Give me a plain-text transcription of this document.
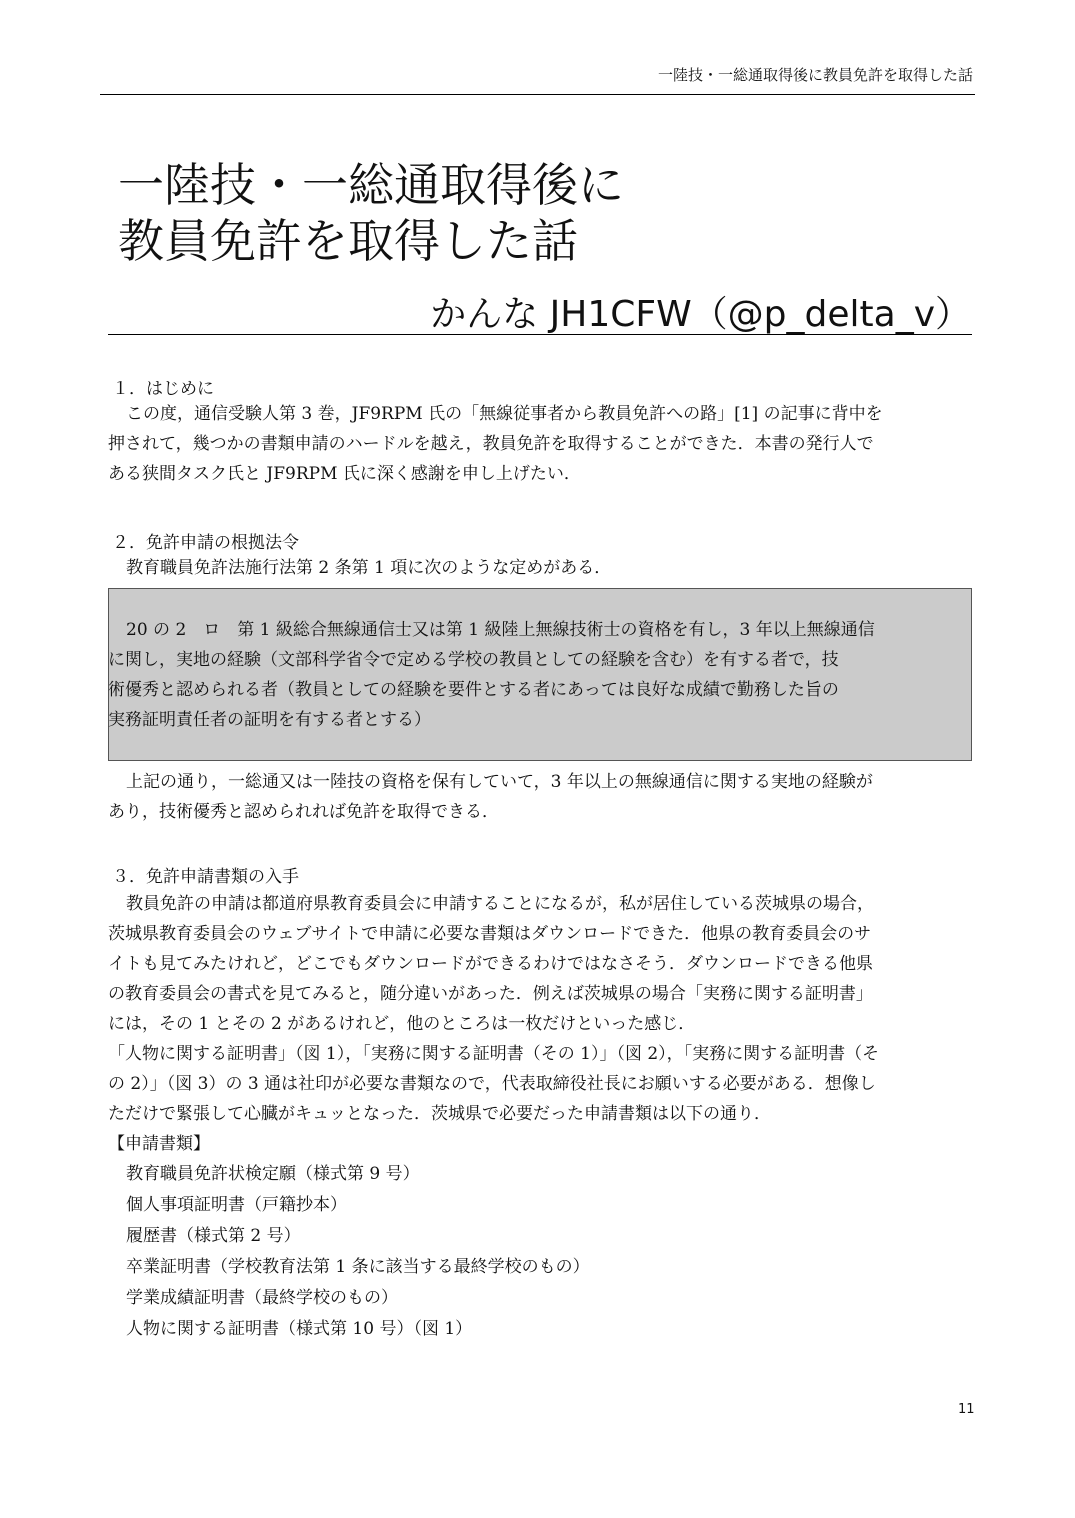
一陸技・一総通取得後に教員免許を取得した話
一陸技・一総通取得後に
教員免許を取得した話
かんな JH1CFW（@p_delta_v）
１．はじめに
この度，通信受験人第 3 巻，JF9RPM 氏の「無線従事者から教員免許への路」[1] の記事に背中を
押されて，幾つかの書類申請のハードルを越え，教員免許を取得することができた．本書の発行人で
ある狭間タスク氏と JF9RPM 氏に深く感謝を申し上げたい．
２．免許申請の根拠法令
教育職員免許法施行法第 2 条第 1 項に次のような定めがある．
20 の 2　ロ　第 1 級総合無線通信士又は第 1 級陸上無線技術士の資格を有し，3 年以上無線通信
に関し，実地の経験（文部科学省令で定める学校の教員としての経験を含む）を有する者で，技
術優秀と認められる者（教員としての経験を要件とする者にあっては良好な成績で勤務した旨の
実務証明責任者の証明を有する者とする）
上記の通り，一総通又は一陸技の資格を保有していて，3 年以上の無線通信に関する実地の経験が
あり，技術優秀と認められれば免許を取得できる．
３．免許申請書類の入手
教員免許の申請は都道府県教育委員会に申請することになるが，私が居住している茨城県の場合，
茨城県教育委員会のウェブサイトで申請に必要な書類はダウンロードできた．他県の教育委員会のサ
イトも見てみたけれど，どこでもダウンロードができるわけではなさそう．ダウンロードできる他県
の教育委員会の書式を見てみると，随分違いがあった．例えば茨城県の場合「実務に関する証明書」
には，その 1 とその 2 があるけれど，他のところは一枚だけといった感じ．
「人物に関する証明書」（図 1），「実務に関する証明書（その 1）」（図 2），「実務に関する証明書（そ
の 2）」（図 3）の 3 通は社印が必要な書類なので，代表取締役社長にお願いする必要がある．想像し
ただけで緊張して心臓がキュッとなった．茨城県で必要だった申請書類は以下の通り．
【申請書類】
教育職員免許状検定願（様式第 9 号）
個人事項証明書（戸籍抄本）
履歴書（様式第 2 号）
卒業証明書（学校教育法第 1 条に該当する最終学校のもの）
学業成績証明書（最終学校のもの）
人物に関する証明書（様式第 10 号）（図 1）
11
